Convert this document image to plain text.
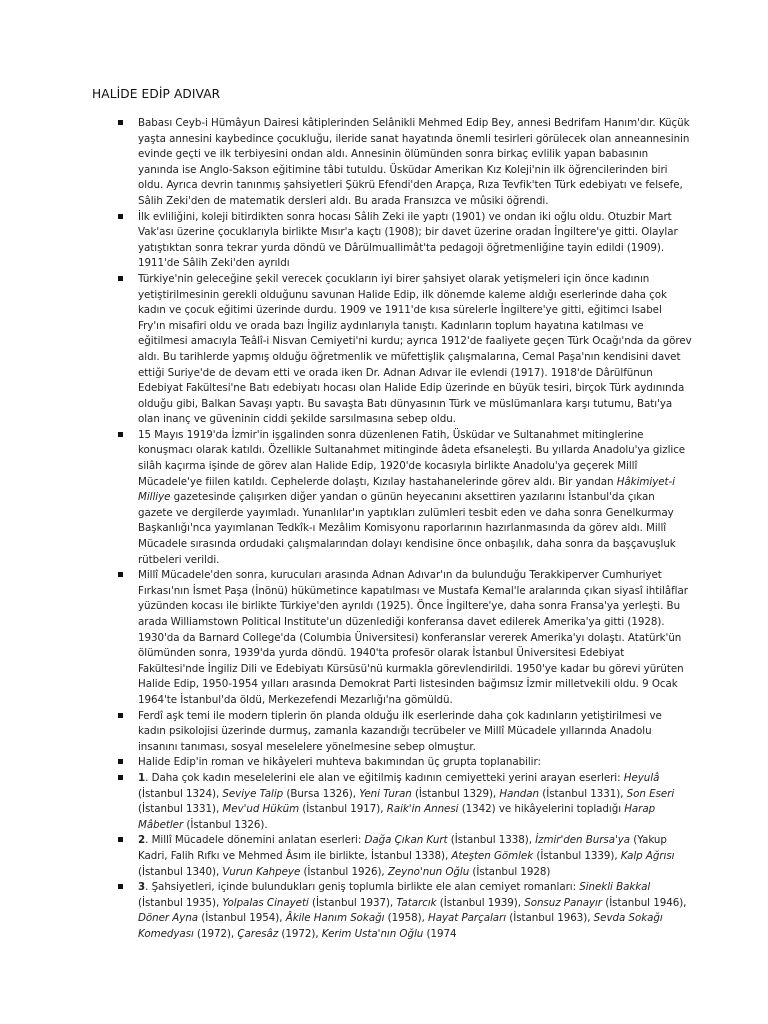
HALİDE EDİP ADIVAR
Babası Ceyb-i Hümâyun Dairesi kâtiplerinden Selânikli Mehmed Edip Bey, annesi Bedrifam Hanım'dır. Küçük yaşta annesini kaybedince çocukluğu, ileride sanat hayatında önemli tesirleri görülecek olan anneannesinin evinde geçti ve ilk terbiyesini ondan aldı. Annesinin ölümünden sonra birkaç evlilik yapan babasının yanında ise Anglo-Sakson eğitimine tâbi tutuldu. Üsküdar Amerikan Kız Koleji'nin ilk öğrencilerinden biri oldu. Ayrıca devrin tanınmış şahsiyetleri Şükrü Efendi'den Arapça, Rıza Tevfik'ten Türk edebiyatı ve felsefe, Sâlih Zeki'den de matematik dersleri aldı. Bu arada Fransızca ve mûsiki öğrendi.
İlk evliliğini, koleji bitirdikten sonra hocası Sâlih Zeki ile yaptı (1901) ve ondan iki oğlu oldu. Otuzbir Mart Vak'ası üzerine çocuklarıyla birlikte Mısır'a kaçtı (1908); bir davet üzerine oradan İngiltere'ye gitti. Olaylar yatıştıktan sonra tekrar yurda döndü ve Dârülmuallimât'ta pedagoji öğretmenliğine tayin edildi (1909). 1911'de Sâlih Zeki'den ayrıldı
Türkiye'nin geleceğine şekil verecek çocukların iyi birer şahsiyet olarak yetişmeleri için önce kadının yetiştirilmesinin gerekli olduğunu savunan Halide Edip, ilk dönemde kaleme aldığı eserlerinde daha çok kadın ve çocuk eğitimi üzerinde durdu. 1909 ve 1911'de kısa sürelerle İngiltere'ye gitti, eğitimci Isabel Fry'ın misafiri oldu ve orada bazı İngiliz aydınlarıyla tanıştı. Kadınların toplum hayatına katılması ve eğitilmesi amacıyla Teâlî-i Nisvan Cemiyeti'ni kurdu; ayrıca 1912'de faaliyete geçen Türk Ocağı'nda da görev aldı. Bu tarihlerde yapmış olduğu öğretmenlik ve müfettişlik çalışmalarına, Cemal Paşa'nın kendisini davet ettiği Suriye'de de devam etti ve orada iken Dr. Adnan Adıvar ile evlendi (1917). 1918'de Dârülfünun Edebiyat Fakültesi'ne Batı edebiyatı hocası olan Halide Edip üzerinde en büyük tesiri, birçok Türk aydınında olduğu gibi, Balkan Savaşı yaptı. Bu savaşta Batı dünyasının Türk ve müslümanlara karşı tutumu, Batı'ya olan inanç ve güveninin ciddi şekilde sarsılmasına sebep oldu.
15 Mayıs 1919'da İzmir'in işgalinden sonra düzenlenen Fatih, Üsküdar ve Sultanahmet mitinglerine konuşmacı olarak katıldı. Özellikle Sultanahmet mitinginde âdeta efsaneleşti. Bu yıllarda Anadolu'ya gizlice silâh kaçırma işinde de görev alan Halide Edip, 1920'de kocasıyla birlikte Anadolu'ya geçerek Millî Mücadele'ye fiilen katıldı. Cephelerde dolaştı, Kızılay hastahanelerinde görev aldı. Bir yandan Hâkimiyet-i Milliye gazetesinde çalışırken diğer yandan o günün heyecanını aksettiren yazılarını İstanbul'da çıkan gazete ve dergilerde yayımladı. Yunanlılar'ın yaptıkları zulümleri tesbit eden ve daha sonra Genelkurmay Başkanlığı'nca yayımlanan Tedkîk-ı Mezâlim Komisyonu raporlarının hazırlanmasında da görev aldı. Millî Mücadele sırasında ordudaki çalışmalarından dolayı kendisine önce onbaşılık, daha sonra da başçavuşluk rütbeleri verildi.
Millî Mücadele'den sonra, kurucuları arasında Adnan Adıvar'ın da bulunduğu Terakkiperver Cumhuriyet Fırkası'nın İsmet Paşa (İnönü) hükümetince kapatılması ve Mustafa Kemal'le aralarında çıkan siyasî ihtilâflar yüzünden kocası ile birlikte Türkiye'den ayrıldı (1925). Önce İngiltere'ye, daha sonra Fransa'ya yerleşti. Bu arada Williamstown Political Institute'un düzenlediği konferansa davet edilerek Amerika'ya gitti (1928). 1930'da da Barnard College'da (Columbia Üniversitesi) konferanslar vererek Amerika'yı dolaştı. Atatürk'ün ölümünden sonra, 1939'da yurda döndü. 1940'ta profesör olarak İstanbul Üniversitesi Edebiyat Fakültesi'nde İngiliz Dili ve Edebiyatı Kürsüsü'nü kurmakla görevlendirildi. 1950'ye kadar bu görevi yürüten Halide Edip, 1950-1954 yılları arasında Demokrat Parti listesinden bağımsız İzmir milletvekili oldu. 9 Ocak 1964'te İstanbul'da öldü, Merkezefendi Mezarlığı'na gömüldü.
Ferdî aşk temi ile modern tiplerin ön planda olduğu ilk eserlerinde daha çok kadınların yetiştirilmesi ve kadın psikolojisi üzerinde durmuş, zamanla kazandığı tecrübeler ve Millî Mücadele yıllarında Anadolu insanını tanıması, sosyal meselelere yönelmesine sebep olmuştur.
Halide Edip'in roman ve hikâyeleri muhteva bakımından üç grupta toplanabilir:
1. Daha çok kadın meselelerini ele alan ve eğitilmiş kadının cemiyetteki yerini arayan eserleri: Heyulâ (İstanbul 1324), Seviye Talip (Bursa 1326), Yeni Turan (İstanbul 1329), Handan (İstanbul 1331), Son Eseri (İstanbul 1331), Mev'ud Hüküm (İstanbul 1917), Raik'in Annesi (1342) ve hikâyelerini topladığı Harap Mâbetler (İstanbul 1326).
2. Millî Mücadele dönemini anlatan eserleri: Dağa Çıkan Kurt (İstanbul 1338), İzmir'den Bursa'ya (Yakup Kadri, Falih Rıfkı ve Mehmed Âsım ile birlikte, İstanbul 1338), Ateşten Gömlek (İstanbul 1339), Kalp Ağrısı (İstanbul 1340), Vurun Kahpeye (İstanbul 1926), Zeyno'nun Oğlu (İstanbul 1928)
3. Şahsiyetleri, içinde bulundukları geniş toplumla birlikte ele alan cemiyet romanları: Sinekli Bakkal (İstanbul 1935), Yolpalas Cinayeti (İstanbul 1937), Tatarcık (İstanbul 1939), Sonsuz Panayır (İstanbul 1946), Döner Ayna (İstanbul 1954), Âkile Hanım Sokağı (1958), Hayat Parçaları (İstanbul 1963), Sevda Sokağı Komedyası (1972), Çaresâz (1972), Kerim Usta'nın Oğlu (1974
